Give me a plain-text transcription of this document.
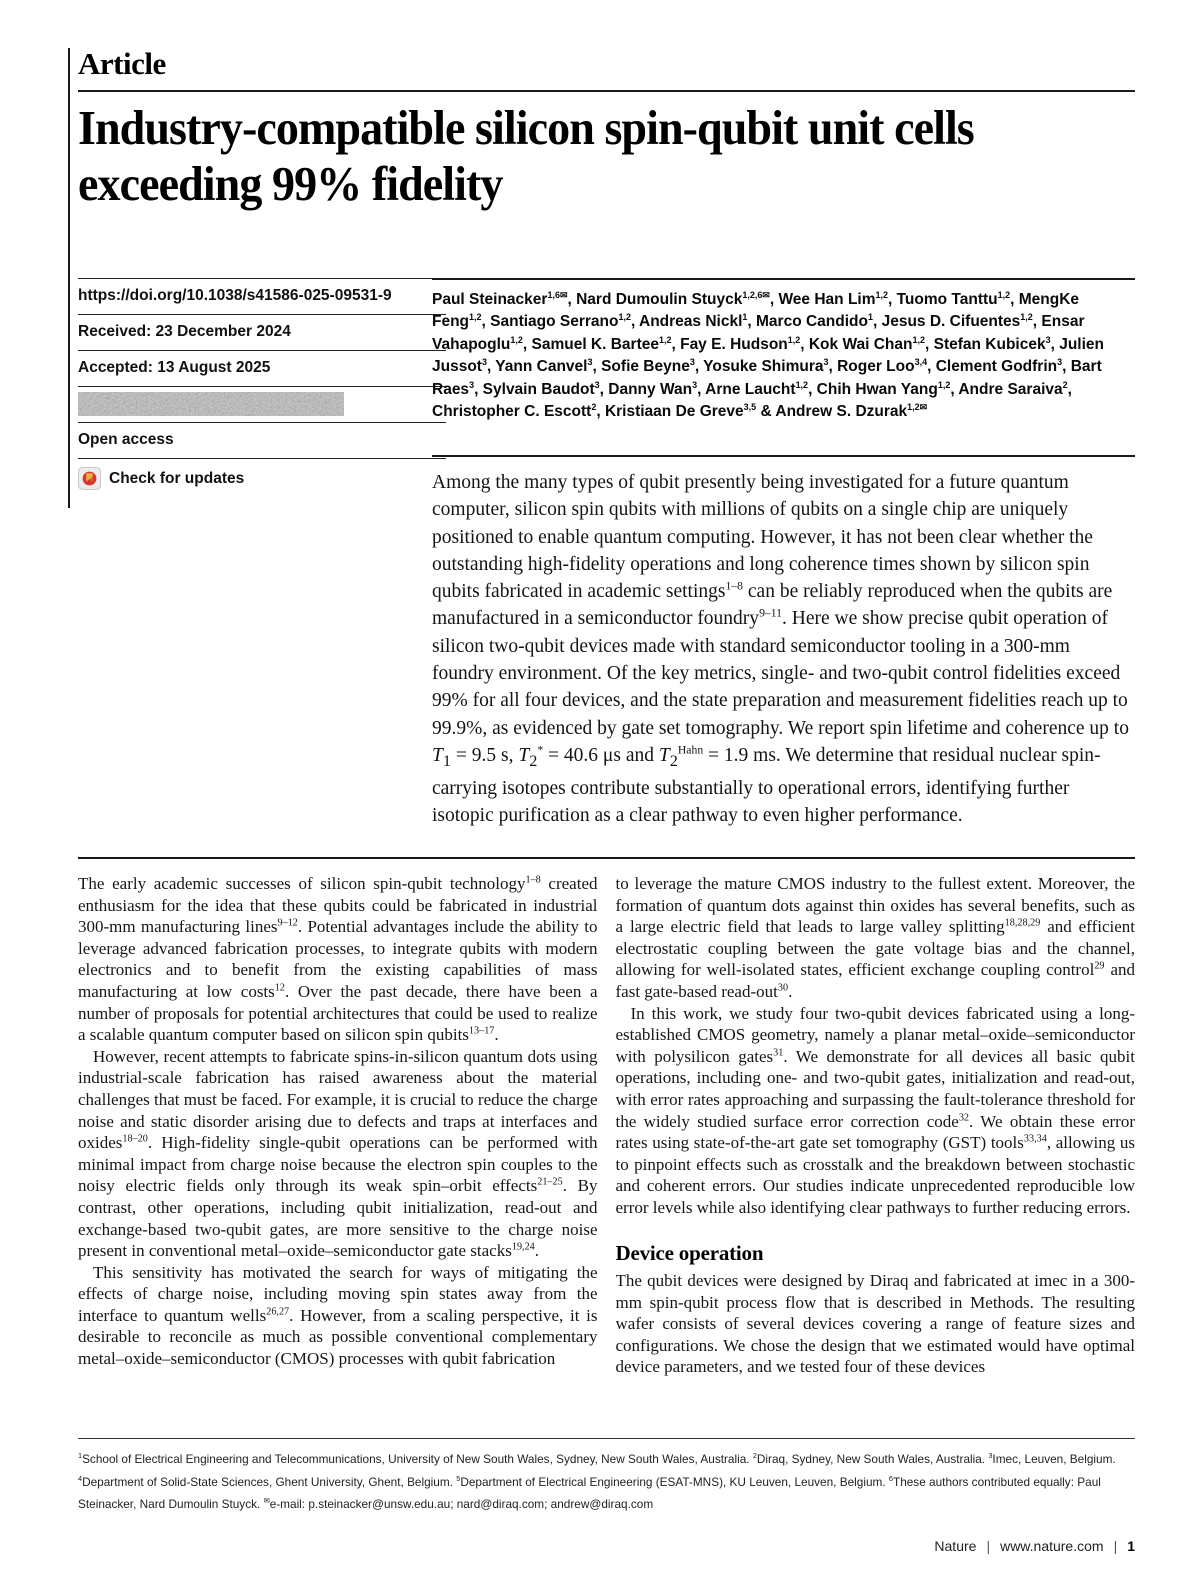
Article
Industry-compatible silicon spin-qubit unit cells exceeding 99% fidelity
https://doi.org/10.1038/s41586-025-09531-9
Received: 23 December 2024
Accepted: 13 August 2025
Open access
Check for updates
Paul Steinacker$^{1,6✉}$, Nard Dumoulin Stuyck$^{1,2,6✉}$, Wee Han Lim$^{1,2}$, Tuomo Tanttu$^{1,2}$, MengKe Feng$^{1,2}$, Santiago Serrano$^{1,2}$, Andreas Nickl$^1$, Marco Candido$^1$, Jesus D. Cifuentes$^{1,2}$, Ensar Vahapoglu$^{1,2}$, Samuel K. Bartee$^{1,2}$, Fay E. Hudson$^{1,2}$, Kok Wai Chan$^{1,2}$, Stefan Kubicek$^3$, Julien Jussot$^3$, Yann Canvel$^3$, Sofie Beyne$^3$, Yosuke Shimura$^3$, Roger Loo$^{3,4}$, Clement Godfrin$^3$, Bart Raes$^3$, Sylvain Baudot$^3$, Danny Wan$^3$, Arne Laucht$^{1,2}$, Chih Hwan Yang$^{1,2}$, Andre Saraiva$^2$, Christopher C. Escott$^2$, Kristiaan De Greve$^{3,5}$ & Andrew S. Dzurak$^{1,2✉}$
Among the many types of qubit presently being investigated for a future quantum computer, silicon spin qubits with millions of qubits on a single chip are uniquely positioned to enable quantum computing. However, it has not been clear whether the outstanding high-fidelity operations and long coherence times shown by silicon spin qubits fabricated in academic settings$^{1-8}$ can be reliably reproduced when the qubits are manufactured in a semiconductor foundry$^{9-11}$. Here we show precise qubit operation of silicon two-qubit devices made with standard semiconductor tooling in a 300-mm foundry environment. Of the key metrics, single- and two-qubit control fidelities exceed 99% for all four devices, and the state preparation and measurement fidelities reach up to 99.9%, as evidenced by gate set tomography. We report spin lifetime and coherence up to $T_1 = 9.5$ s, $T_2^* = 40.6$ μs and $T_2^{Hahn} = 1.9$ ms. We determine that residual nuclear spin-carrying isotopes contribute substantially to operational errors, identifying further isotopic purification as a clear pathway to even higher performance.

The early academic successes of silicon spin-qubit technology$^{1-8}$ created enthusiasm for the idea that these qubits could be fabricated in industrial 300-mm manufacturing lines$^{9-12}$. Potential advantages include the ability to leverage advanced fabrication processes, to integrate qubits with modern electronics and to benefit from the existing capabilities of mass manufacturing at low costs$^{12}$. Over the past decade, there have been a number of proposals for potential architectures that could be used to realize a scalable quantum computer based on silicon spin qubits$^{13-17}$.

However, recent attempts to fabricate spins-in-silicon quantum dots using industrial-scale fabrication has raised awareness about the material challenges that must be faced. For example, it is crucial to reduce the charge noise and static disorder arising due to defects and traps at interfaces and oxides$^{18-20}$. High-fidelity single-qubit operations can be performed with minimal impact from charge noise because the electron spin couples to the noisy electric fields only through its weak spin–orbit effects$^{21-25}$. By contrast, other operations, including qubit initialization, read-out and exchange-based two-qubit gates, are more sensitive to the charge noise present in conventional metal–oxide–semiconductor gate stacks$^{19,24}$.

This sensitivity has motivated the search for ways of mitigating the effects of charge noise, including moving spin states away from the interface to quantum wells$^{26,27}$. However, from a scaling perspective, it is desirable to reconcile as much as possible conventional complementary metal–oxide–semiconductor (CMOS) processes with qubit fabrication

to leverage the mature CMOS industry to the fullest extent. Moreover, the formation of quantum dots against thin oxides has several benefits, such as a large electric field that leads to large valley splitting$^{18,28,29}$ and efficient electrostatic coupling between the gate voltage bias and the channel, allowing for well-isolated states, efficient exchange coupling control$^{29}$ and fast gate-based read-out$^{30}$.

In this work, we study four two-qubit devices fabricated using a long-established CMOS geometry, namely a planar metal–oxide–semiconductor with polysilicon gates$^{31}$. We demonstrate for all devices all basic qubit operations, including one- and two-qubit gates, initialization and read-out, with error rates approaching and surpassing the fault-tolerance threshold for the widely studied surface error correction code$^{32}$. We obtain these error rates using state-of-the-art gate set tomography (GST) tools$^{33,34}$, allowing us to pinpoint effects such as crosstalk and the breakdown between stochastic and coherent errors. Our studies indicate unprecedented reproducible low error levels while also identifying clear pathways to further reducing errors.

Device operation

The qubit devices were designed by Diraq and fabricated at imec in a 300-mm spin-qubit process flow that is described in Methods. The resulting wafer consists of several devices covering a range of feature sizes and configurations. We chose the design that we estimated would have optimal device parameters, and we tested four of these devices

$^1$School of Electrical Engineering and Telecommunications, University of New South Wales, Sydney, New South Wales, Australia. $^2$Diraq, Sydney, New South Wales, Australia. $^3$Imec, Leuven, Belgium. $^4$Department of Solid-State Sciences, Ghent University, Ghent, Belgium. $^5$Department of Electrical Engineering (ESAT-MNS), KU Leuven, Leuven, Belgium. $^6$These authors contributed equally: Paul Steinacker, Nard Dumoulin Stuyck. ✉e-mail: p.steinacker@unsw.edu.au; nard@diraq.com; andrew@diraq.com
Nature | www.nature.com | 1
